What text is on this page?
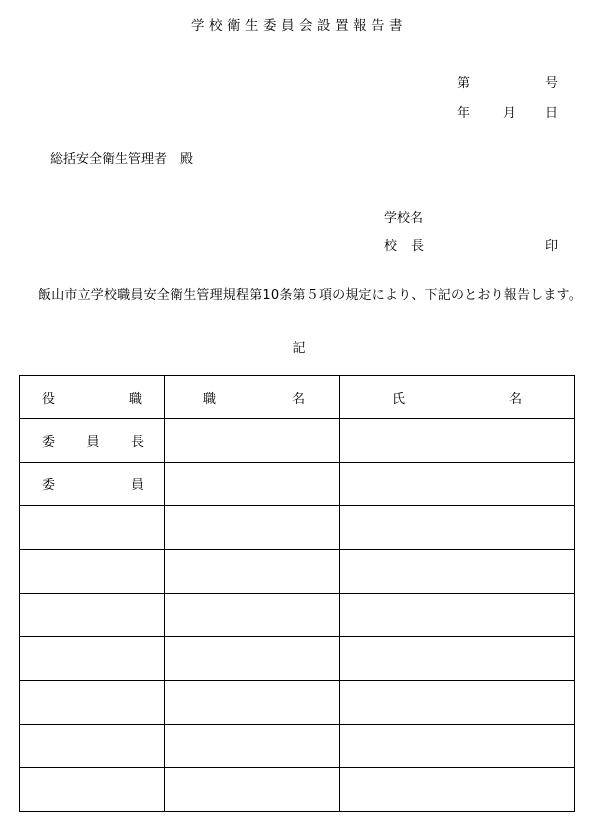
学校衛生委員会設置報告書
第	号
年	月 日
総括安全衛生管理者　殿
学校名
校 長	印
飯山市立学校職員安全衛生管理規程第10条第５項の規定により、下記のとおり報告します。
記
役 職	職 名	氏 名

委 員 長		

委 員		
